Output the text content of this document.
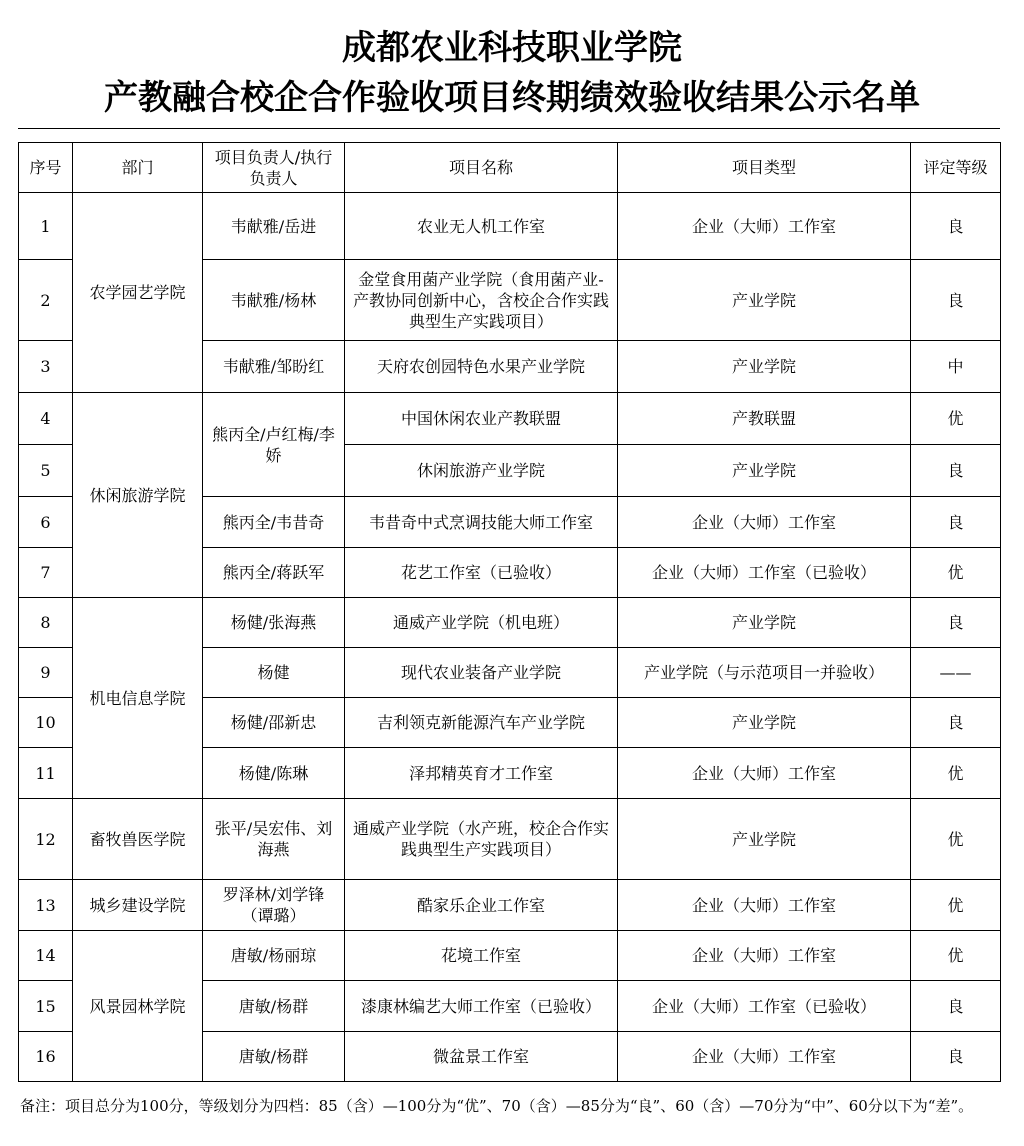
成都农业科技职业学院
产教融合校企合作验收项目终期绩效验收结果公示名单
序号	部门	项目负责人/执行负责人	项目名称	项目类型	评定等级
1	农学园艺学院	韦献雅/岳进	农业无人机工作室	企业（大师）工作室	良
2		韦献雅/杨林	金堂食用菌产业学院（食用菌产业-产教协同创新中心，含校企合作实践典型生产实践项目）	产业学院	良
3		韦献雅/邹盼红	天府农创园特色水果产业学院	产业学院	中
4	休闲旅游学院	熊丙全/卢红梅/李娇	中国休闲农业产教联盟	产教联盟	优
5			休闲旅游产业学院	产业学院	良
6		熊丙全/韦昔奇	韦昔奇中式烹调技能大师工作室	企业（大师）工作室	良
7		熊丙全/蒋跃军	花艺工作室（已验收）	企业（大师）工作室（已验收）	优
8	机电信息学院	杨健/张海燕	通威产业学院（机电班）	产业学院	良
9		杨健	现代农业装备产业学院	产业学院（与示范项目一并验收）	——
10		杨健/邵新忠	吉利领克新能源汽车产业学院	产业学院	良
11		杨健/陈琳	泽邦精英育才工作室	企业（大师）工作室	优
12	畜牧兽医学院	张平/吴宏伟、刘海燕	通威产业学院（水产班，校企合作实践典型生产实践项目）	产业学院	优
13	城乡建设学院	罗泽林/刘学锋（谭璐）	酷家乐企业工作室	企业（大师）工作室	优
14	风景园林学院	唐敏/杨丽琼	花境工作室	企业（大师）工作室	优
15		唐敏/杨群	漆康林编艺大师工作室（已验收）	企业（大师）工作室（已验收）	良
16		唐敏/杨群	微盆景工作室	企业（大师）工作室	良
备注：项目总分为100分，等级划分为四档：85（含）—100分为“优”、70（含）—85分为“良”、60（含）—70分为“中”、60分以下为“差”。
